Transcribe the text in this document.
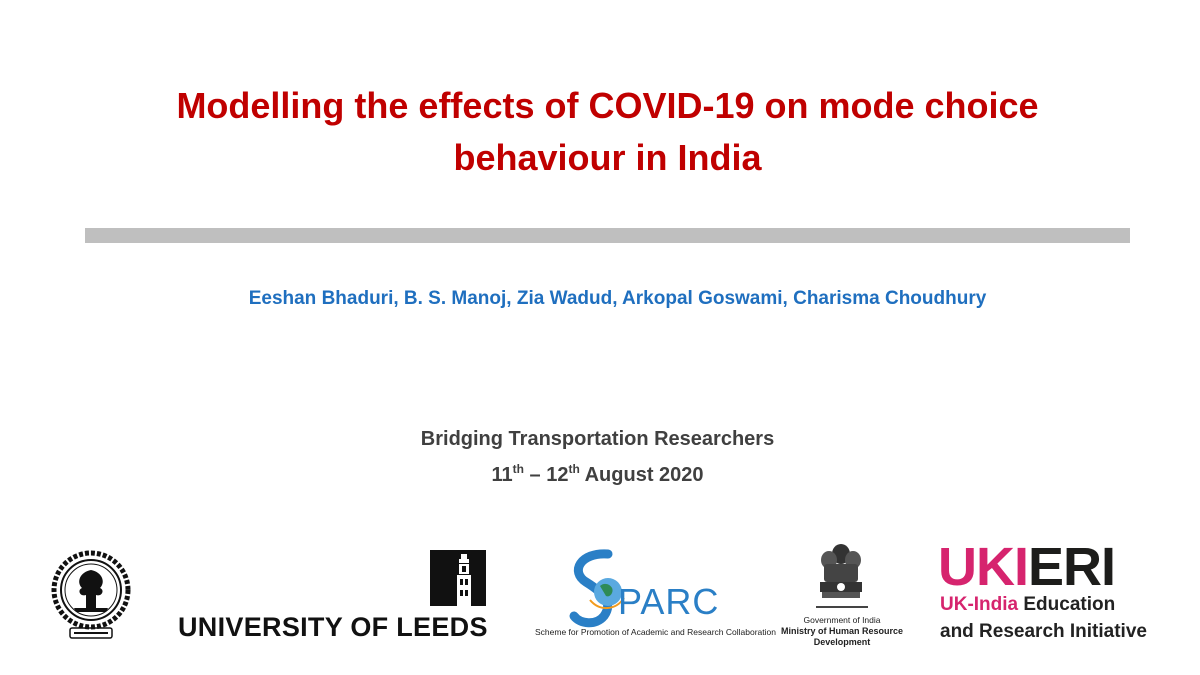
Modelling the effects of COVID-19 on mode choice
behaviour in India
Eeshan Bhaduri, B. S. Manoj, Zia Wadud, Arkopal Goswami, Charisma Choudhury
Bridging Transportation Researchers
11th – 12th August 2020
UNIVERSITY OF LEEDS
PARC
Scheme for Promotion of Academic and Research Collaboration
Government of India
Ministry of Human Resource Development
UKIERI
UK-India Education
and Research Initiative
